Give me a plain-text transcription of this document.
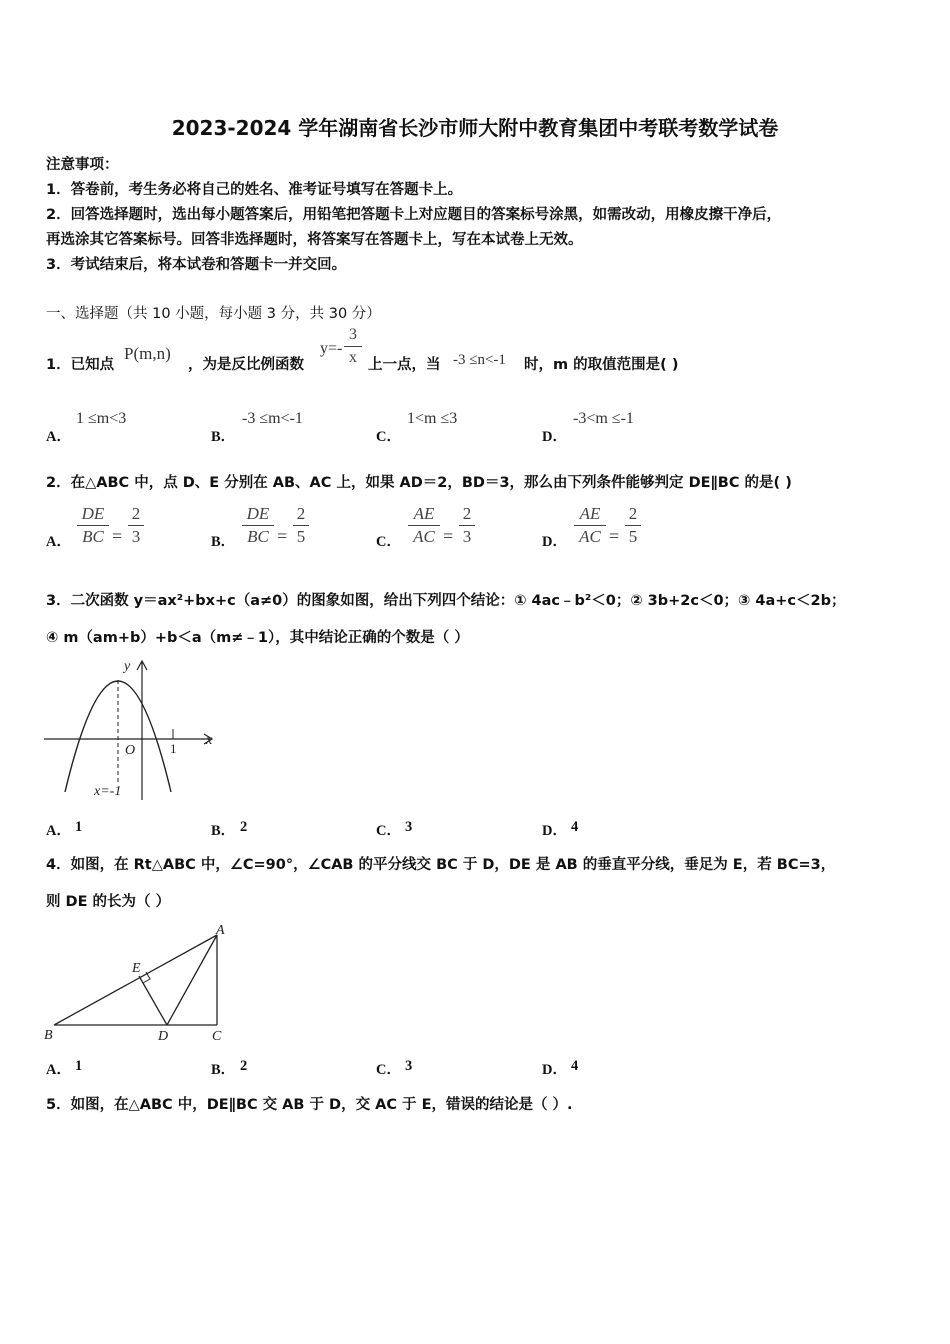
2023-2024 学年湖南省长沙市师大附中教育集团中考联考数学试卷
注意事项：
1．答卷前，考生务必将自己的姓名、准考证号填写在答题卡上。
2．回答选择题时，选出每小题答案后，用铅笔把答题卡上对应题目的答案标号涂黑，如需改动，用橡皮擦干净后，
再选涂其它答案标号。回答非选择题时，将答案写在答题卡上，写在本试卷上无效。
3．考试结束后，将本试卷和答题卡一并交回。
一、选择题（共 10 小题，每小题 3 分，共 30 分）
1．已知点
P(m,n)
，为是反比例函数
$y=- \frac{3}{x}$ 上一点，当 -3 ≤n<-1 时，m 的取值范围是( )
A．
1 ≤m<3
B．
-3 ≤m<-1
C．
1<m ≤3
D．
-3<m ≤-1
2．在△ABC 中，点 D、E 分别在 AB、AC 上，如果 AD＝2，BD＝3，那么由下列条件能够判定 DE∥BC 的是( )
A． $\frac{DE}{BC} = \frac{2}{3}$	B． $\frac{DE}{BC} = \frac{2}{5}$	C． $\frac{AE}{AC} = \frac{2}{3}$	D． $\frac{AE}{AC} = \frac{2}{5}$
3．二次函数 y＝ax²+bx+c（a≠0）的图象如图，给出下列四个结论：① 4ac﹣b²＜0；② 3b+2c＜0；③ 4a+c＜2b；
④ m（am+b）+b＜a（m≠﹣1），其中结论正确的个数是（ ）
y
x
O	1
x=-1
A． 1	B． 2	C． 3	D． 4
4．如图，在 Rt△ABC 中，∠C=90°，∠CAB 的平分线交 BC 于 D，DE 是 AB 的垂直平分线，垂足为 E，若 BC=3，
则 DE 的长为（ ）
B	D	C
A
E
A． 1	B． 2	C． 3	D． 4
5．如图，在△ABC 中，DE∥BC 交 AB 于 D，交 AC 于 E，错误的结论是（ ）.
